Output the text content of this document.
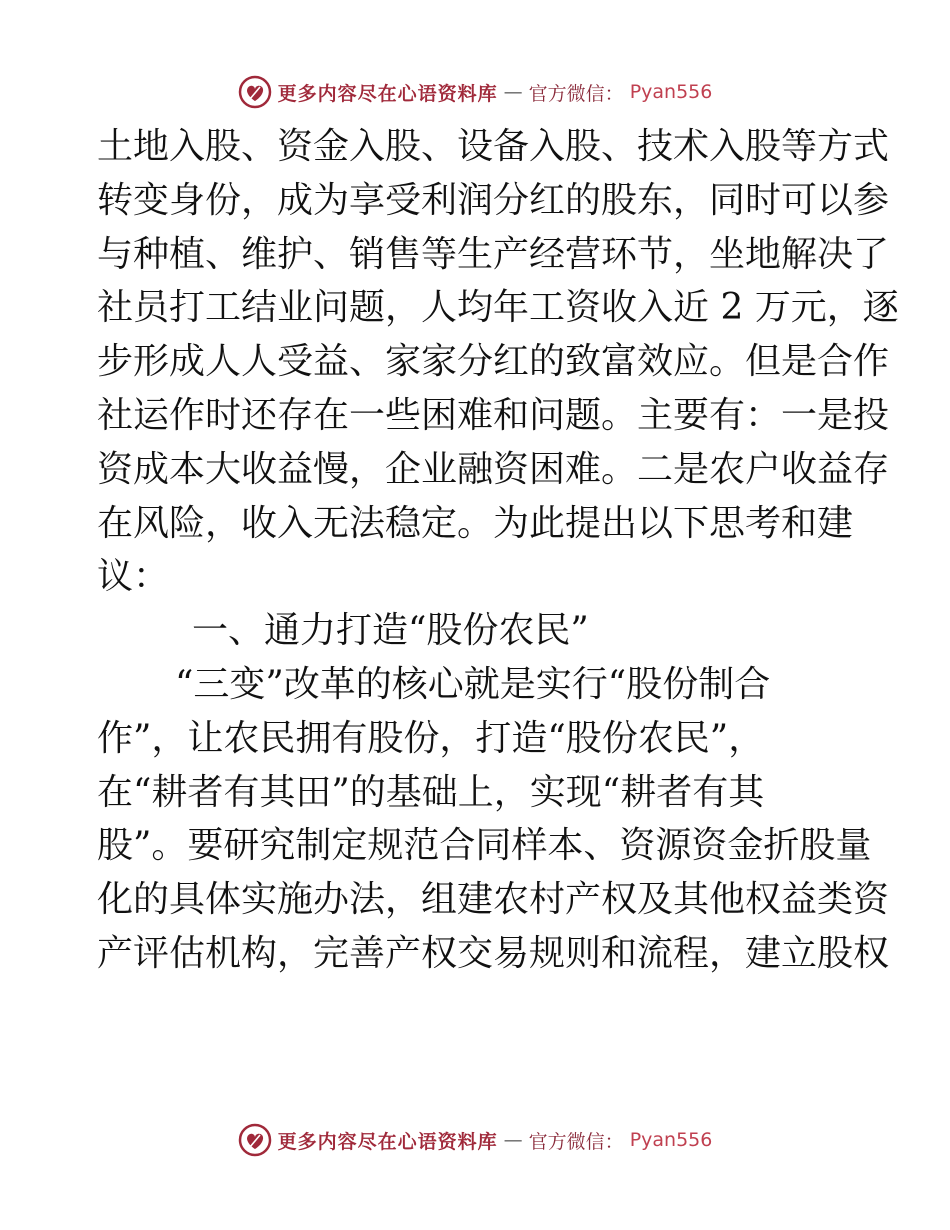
更多内容尽在心语资料库 — 官方微信： Pyan556
土地入股、资金入股、设备入股、技术入股等方式
转变身份，成为享受利润分红的股东，同时可以参
与种植、维护、销售等生产经营环节，坐地解决了
社员打工结业问题，人均年工资收入近 2 万元，逐
步形成人人受益、家家分红的致富效应。但是合作
社运作时还存在一些困难和问题。主要有：一是投
资成本大收益慢，企业融资困难。二是农户收益存
在风险，收入无法稳定。为此提出以下思考和建
议：
一、通力打造“股份农民”
“三变”改革的核心就是实行“股份制合
作”，让农民拥有股份，打造“股份农民”，
在“耕者有其田”的基础上，实现“耕者有其
股”。要研究制定规范合同样本、资源资金折股量
化的具体实施办法，组建农村产权及其他权益类资
产评估机构，完善产权交易规则和流程，建立股权
更多内容尽在心语资料库 — 官方微信： Pyan556
